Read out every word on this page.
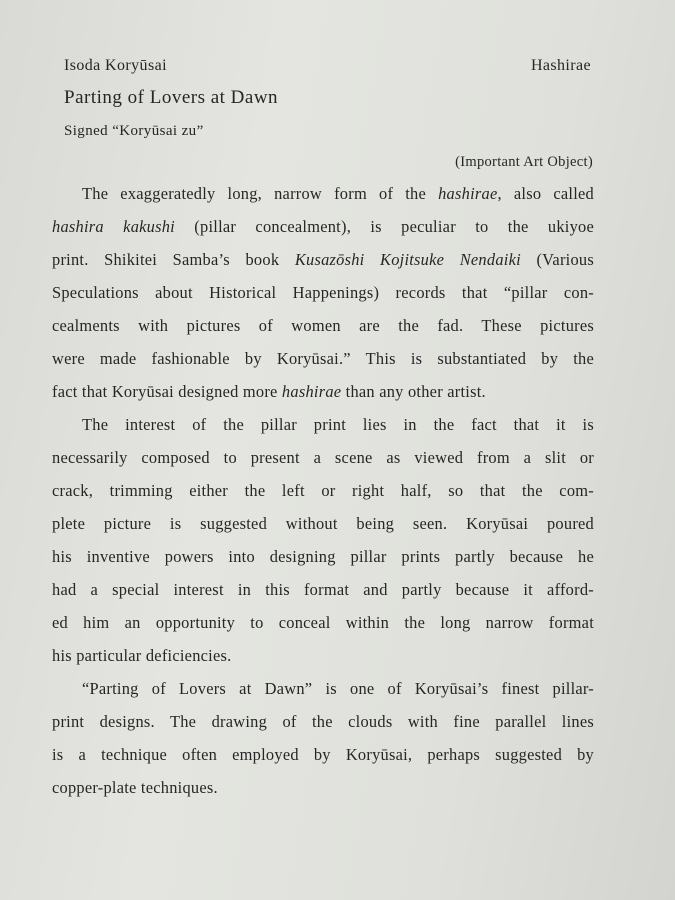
Isoda Koryūsai	Hashirae
Parting of Lovers at Dawn
Signed “Koryūsai zu”
(Important Art Object)
The exaggeratedly long, narrow form of the hashirae, also called
hashira kakushi (pillar concealment), is peculiar to the ukiyoe
print. Shikitei Samba’s book Kusazōshi Kojitsuke Nendaiki (Various
Speculations about Historical Happenings) records that “pillar con-
cealments with pictures of women are the fad. These pictures
were made fashionable by Koryūsai.” This is substantiated by the
fact that Koryūsai designed more hashirae than any other artist.
The interest of the pillar print lies in the fact that it is
necessarily composed to present a scene as viewed from a slit or
crack, trimming either the left or right half, so that the com-
plete picture is suggested without being seen. Koryūsai poured
his inventive powers into designing pillar prints partly because he
had a special interest in this format and partly because it afford-
ed him an opportunity to conceal within the long narrow format
his particular deficiencies.
“Parting of Lovers at Dawn” is one of Koryūsai’s finest pillar-
print designs. The drawing of the clouds with fine parallel lines
is a technique often employed by Koryūsai, perhaps suggested by
copper-plate techniques.
